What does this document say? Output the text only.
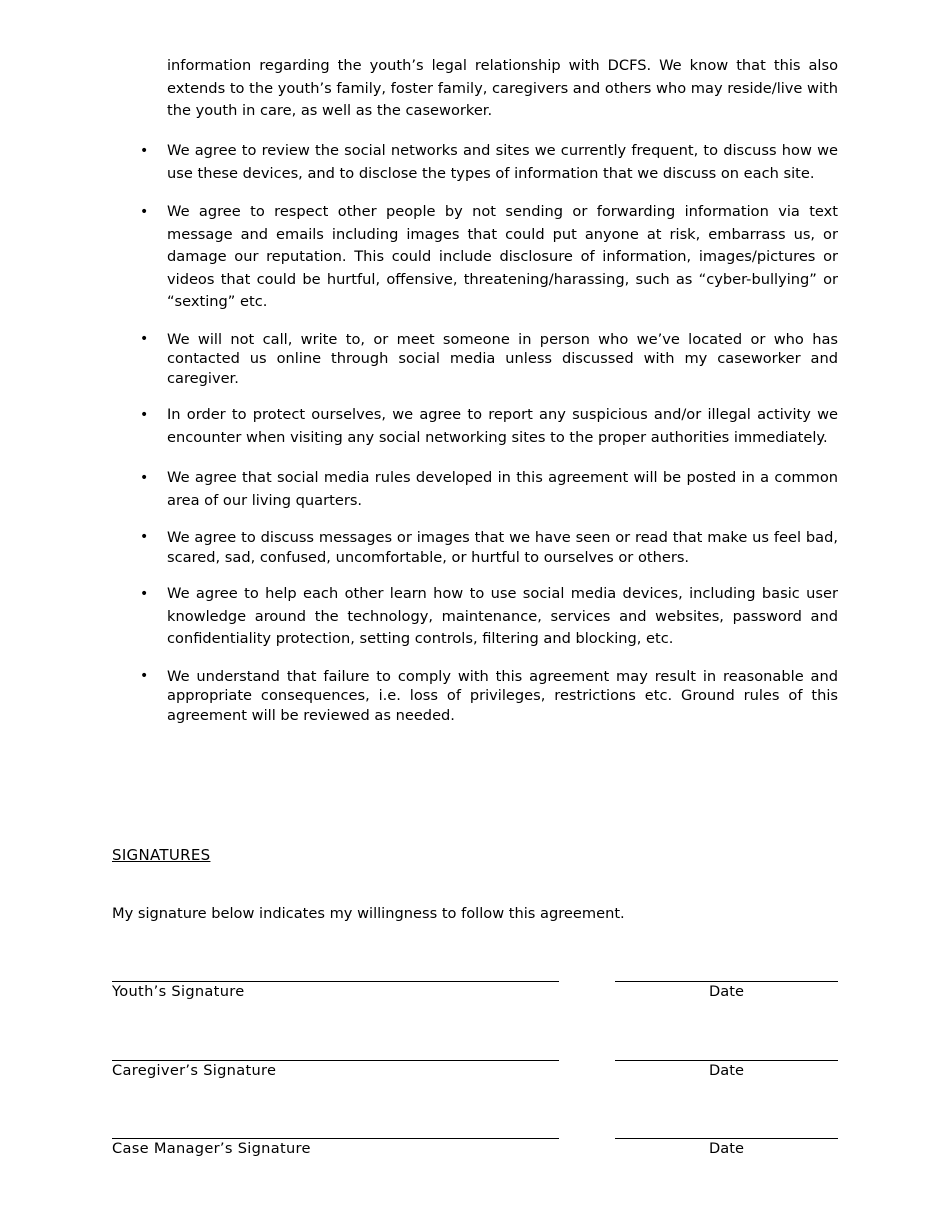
information regarding the youth’s legal relationship with DCFS. We know that this also extends to the youth’s family, foster family, caregivers and others who may reside/live with the youth in care, as well as the caseworker.

• We agree to review the social networks and sites we currently frequent, to discuss how we use these devices, and to disclose the types of information that we discuss on each site.
• We agree to respect other people by not sending or forwarding information via text message and emails including images that could put anyone at risk, embarrass us, or damage our reputation. This could include disclosure of information, images/pictures or videos that could be hurtful, offensive, threatening/harassing, such as “cyber-bullying” or “sexting” etc.
• We will not call, write to, or meet someone in person who we’ve located or who has contacted us online through social media unless discussed with my caseworker and caregiver.
• In order to protect ourselves, we agree to report any suspicious and/or illegal activity we encounter when visiting any social networking sites to the proper authorities immediately.
• We agree that social media rules developed in this agreement will be posted in a common area of our living quarters.
• We agree to discuss messages or images that we have seen or read that make us feel bad, scared, sad, confused, uncomfortable, or hurtful to ourselves or others.
• We agree to help each other learn how to use social media devices, including basic user knowledge around the technology, maintenance, services and websites, password and confidentiality protection, setting controls, filtering and blocking, etc.
• We understand that failure to comply with this agreement may result in reasonable and appropriate consequences, i.e. loss of privileges, restrictions etc. Ground rules of this agreement will be reviewed as needed.
SIGNATURES
My signature below indicates my willingness to follow this agreement.
Youth’s Signature	Date
Caregiver’s Signature	Date
Case Manager’s Signature	Date
